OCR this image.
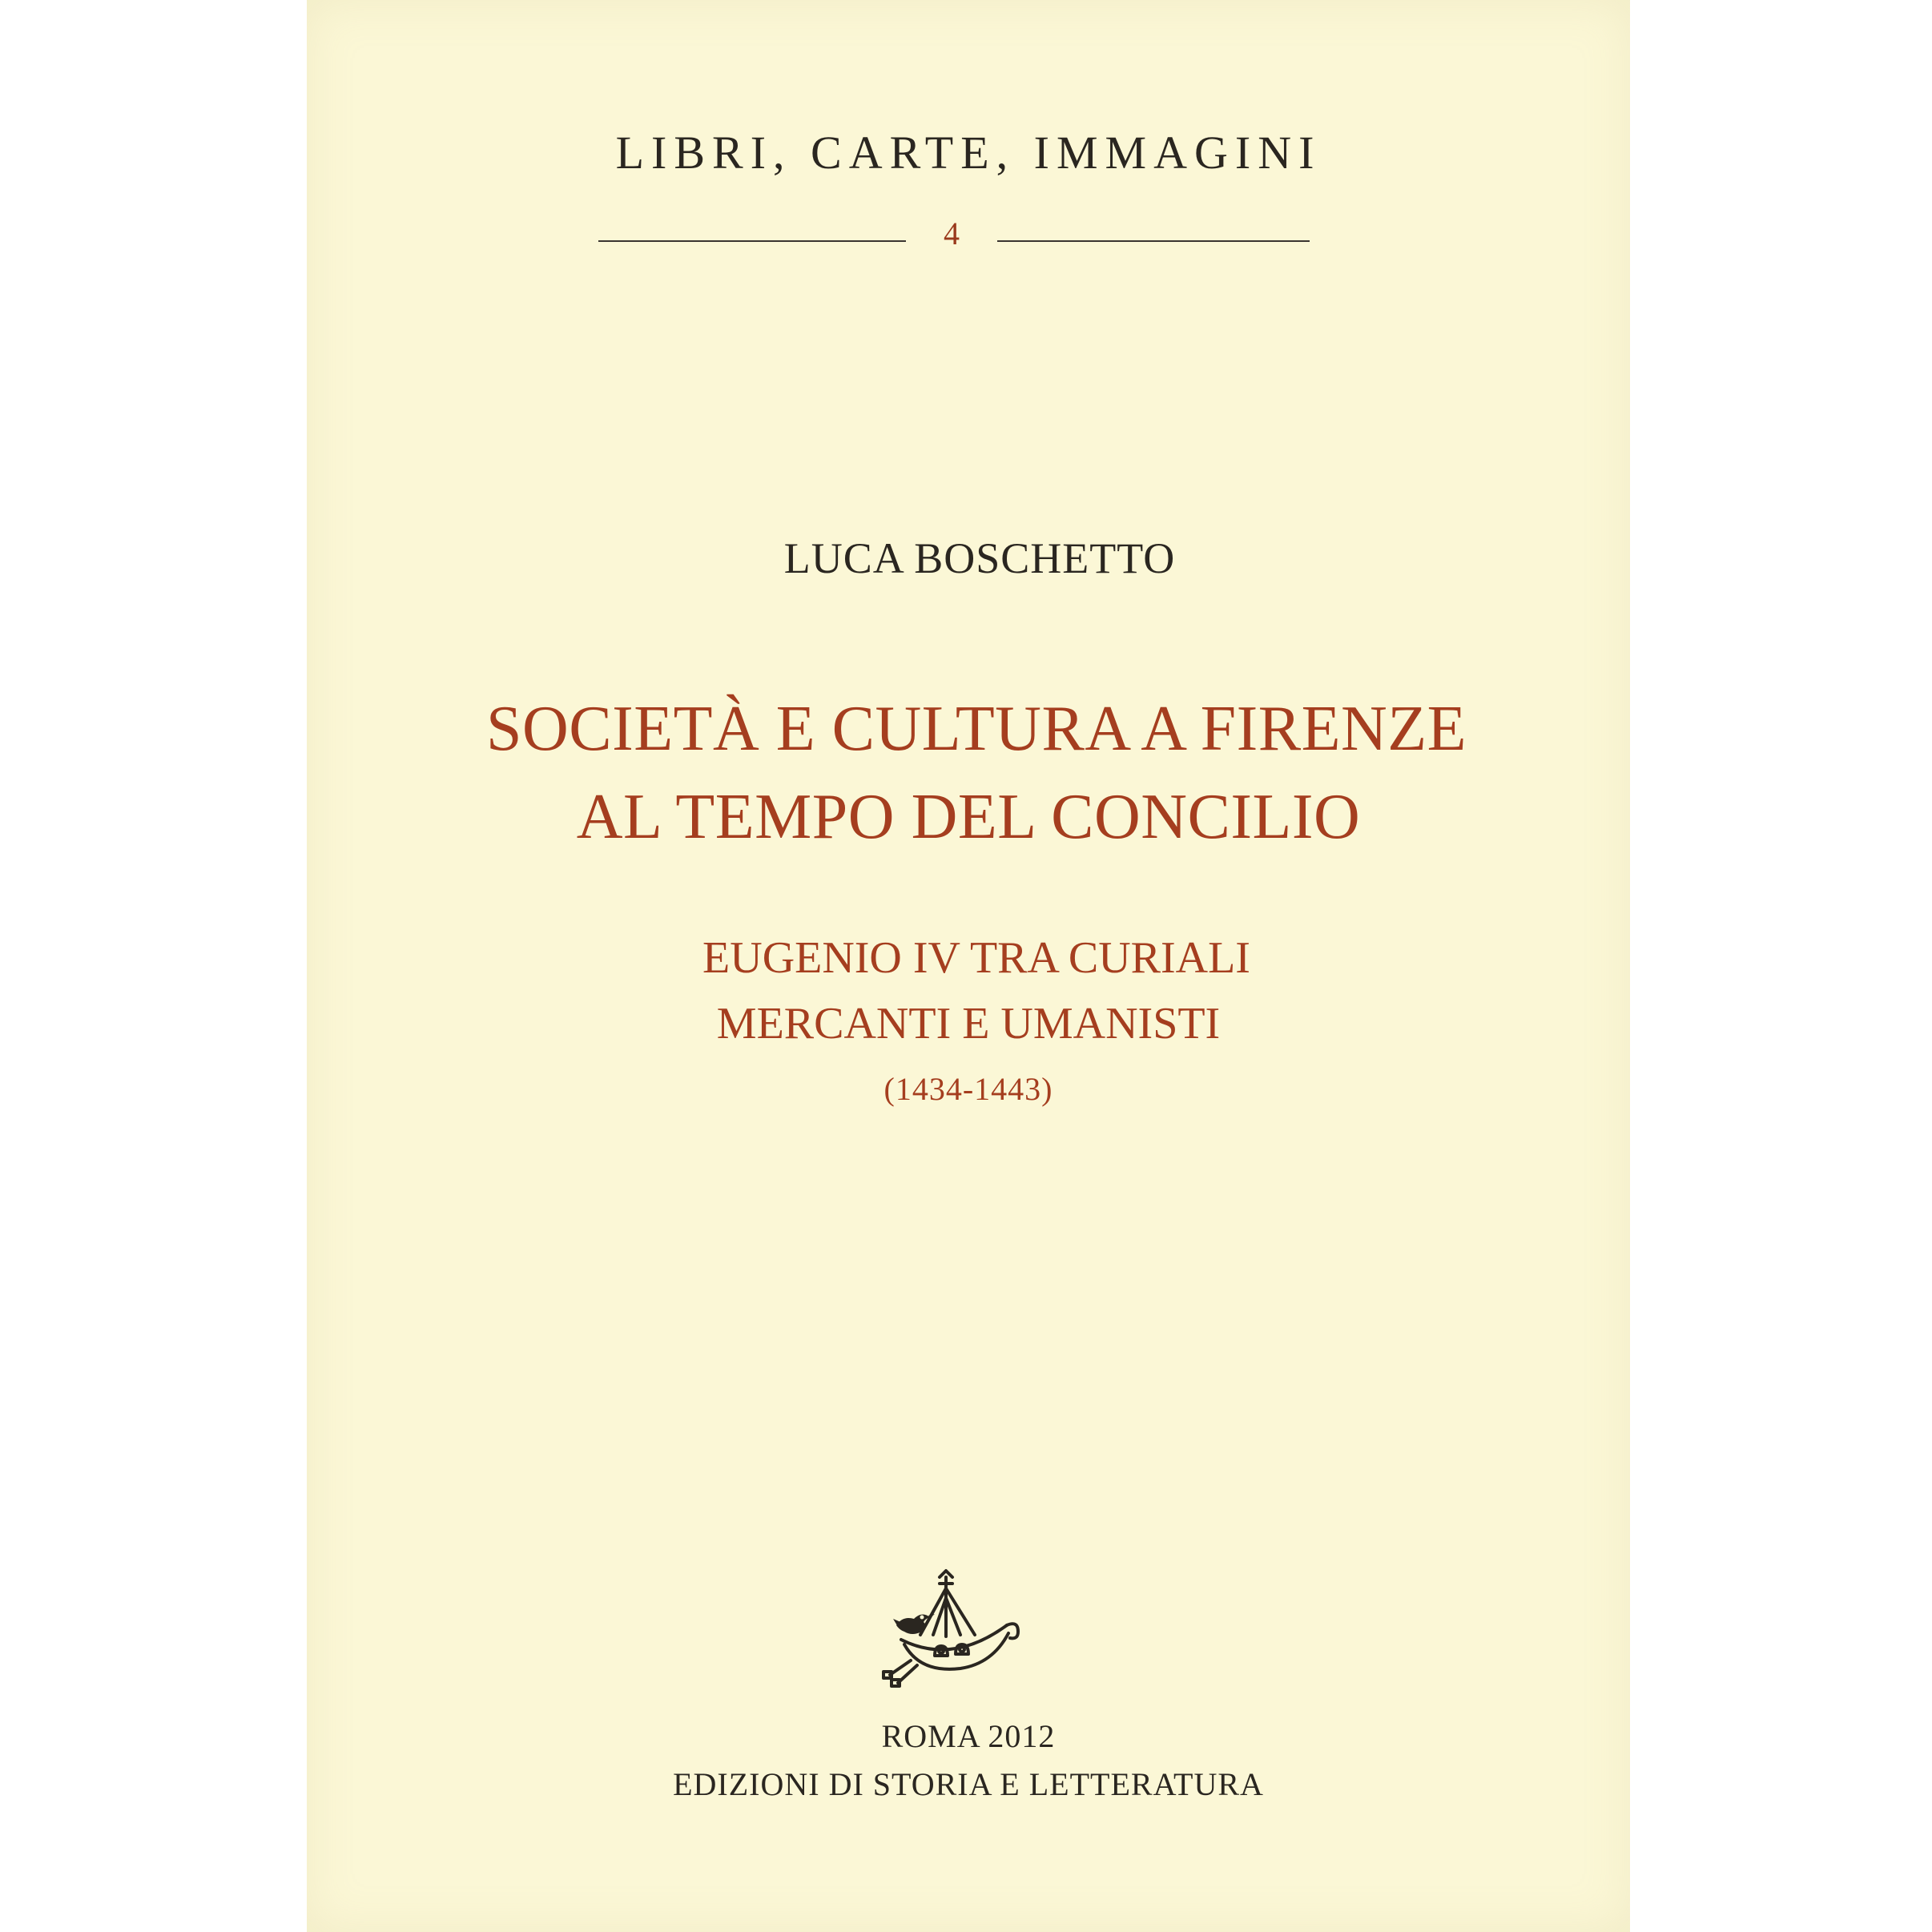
LIBRI, CARTE, IMMAGINI
4
LUCA BOSCHETTO
SOCIETÀ E CULTURA A FIRENZE
AL TEMPO DEL CONCILIO
EUGENIO IV TRA CURIALI
MERCANTI E UMANISTI
(1434-1443)
ROMA 2012
EDIZIONI DI STORIA E LETTERATURA
